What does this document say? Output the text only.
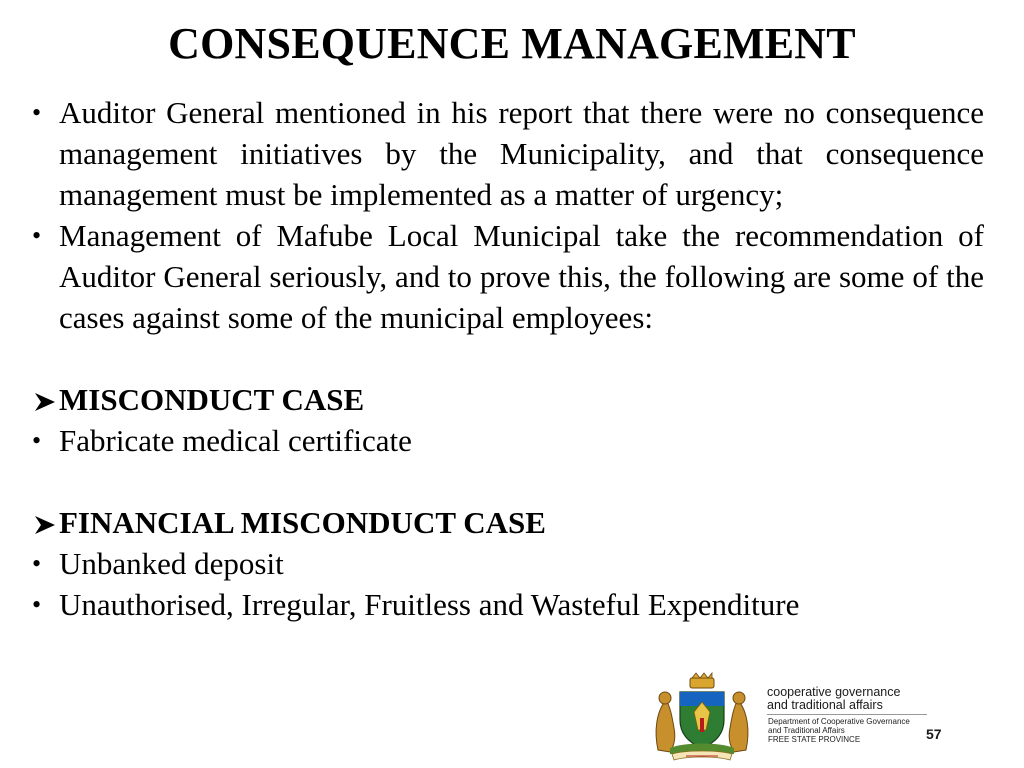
CONSEQUENCE MANAGEMENT
• Auditor General mentioned in his report that there were no consequence management initiatives by the Municipality, and that consequence management must be implemented as a matter of urgency;
• Management of Mafube Local Municipal take the recommendation of Auditor General seriously, and to prove this, the following are some of the cases against some of the municipal employees:
MISCONDUCT CASE
• Fabricate medical certificate
FINANCIAL MISCONDUCT CASE
• Unbanked deposit
• Unauthorised, Irregular, Fruitless and Wasteful Expenditure
cooperative governance
and traditional affairs
Department of Cooperative Governance
and Traditional Affairs
FREE STATE PROVINCE	57
